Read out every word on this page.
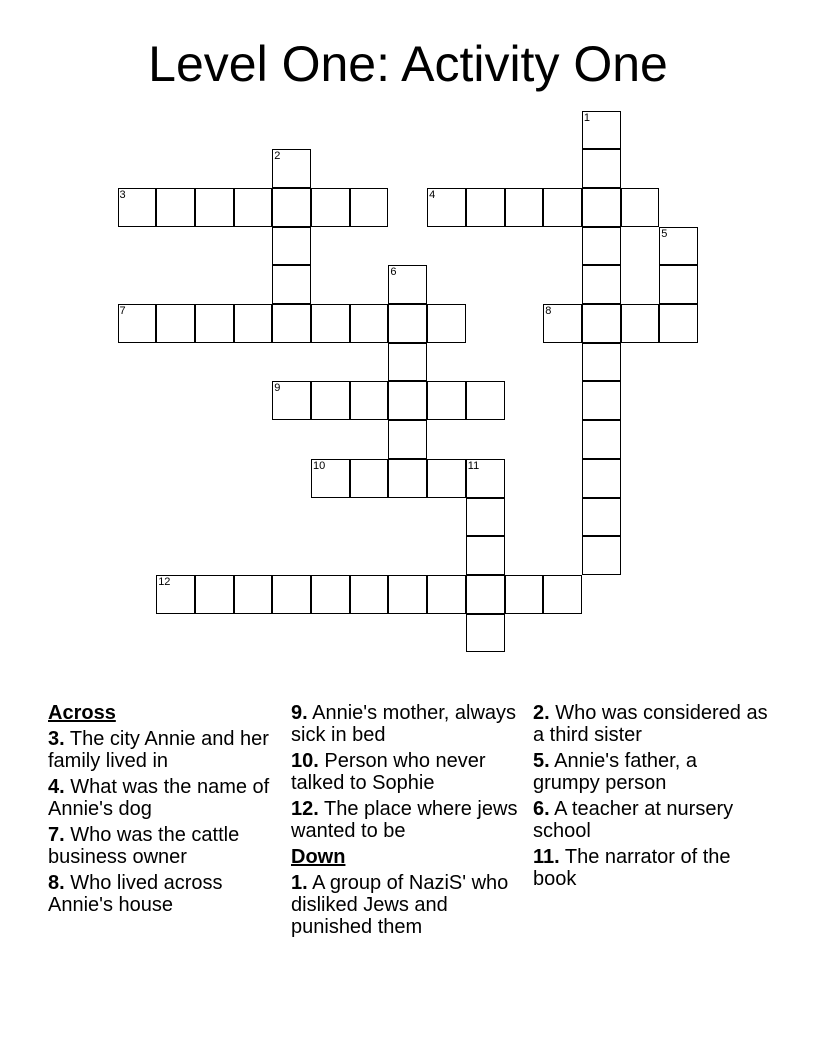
Level One: Activity One
1
2
3	4
5
6
7	8
9
10	11
12
Across
3. The city Annie and her family lived in
4. What was the name of Annie's dog
7. Who was the cattle business owner
8. Who lived across Annie's house
9. Annie's mother, always sick in bed
10. Person who never talked to Sophie
12. The place where jews wanted to be
Down
1. A group of NaziS' who disliked Jews and punished them
2. Who was considered as a third sister
5. Annie's father, a grumpy person
6. A teacher at nursery school
11. The narrator of the book
